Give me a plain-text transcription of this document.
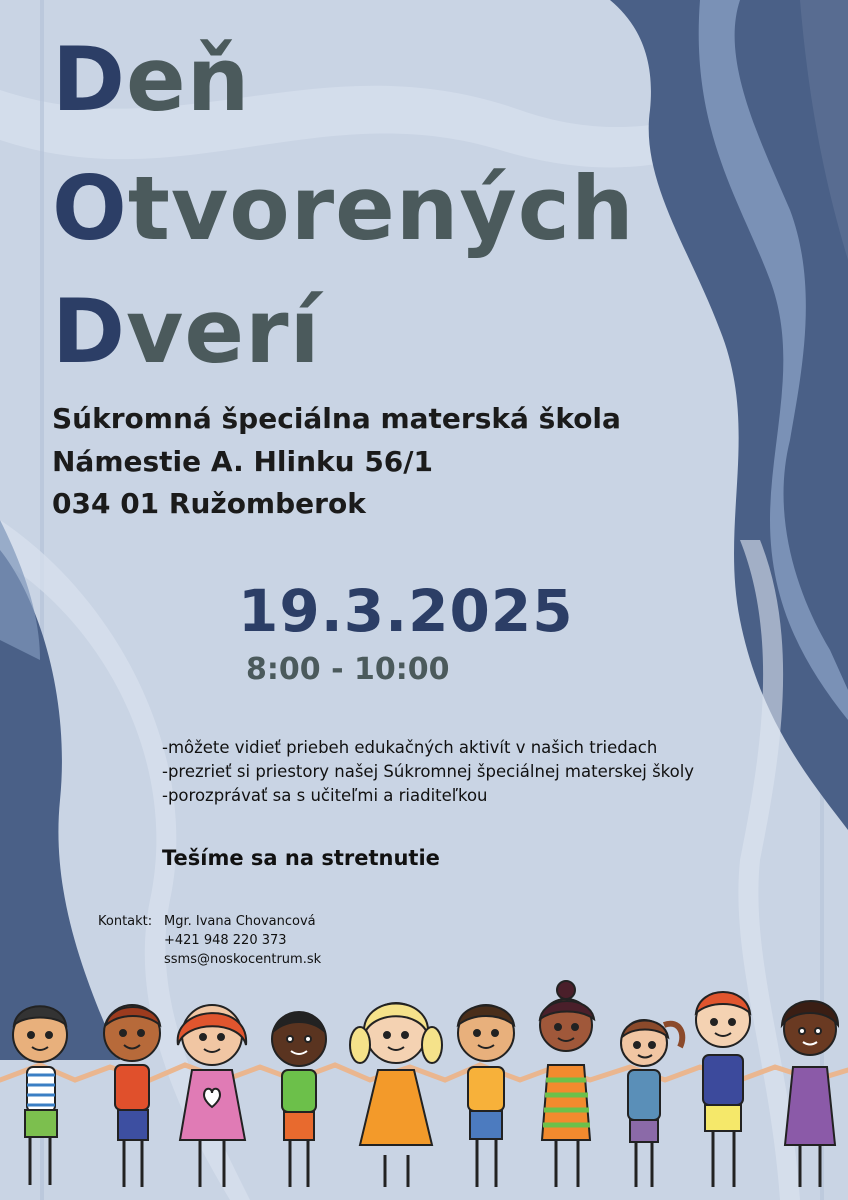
Deň
Otvorených
Dverí
Súkromná špeciálna materská škola
Námestie A. Hlinku 56/1
034 01 Ružomberok
19.3.2025
8:00 - 10:00
-môžete vidieť priebeh edukačných aktivít v našich triedach
-prezrieť si priestory našej Súkromnej špeciálnej materskej školy
-porozprávať sa s učiteľmi a riaditeľkou
Tešíme sa na stretnutie
Kontakt: Mgr. Ivana Chovancová
+421 948 220 373
ssms@noskocentrum.sk
